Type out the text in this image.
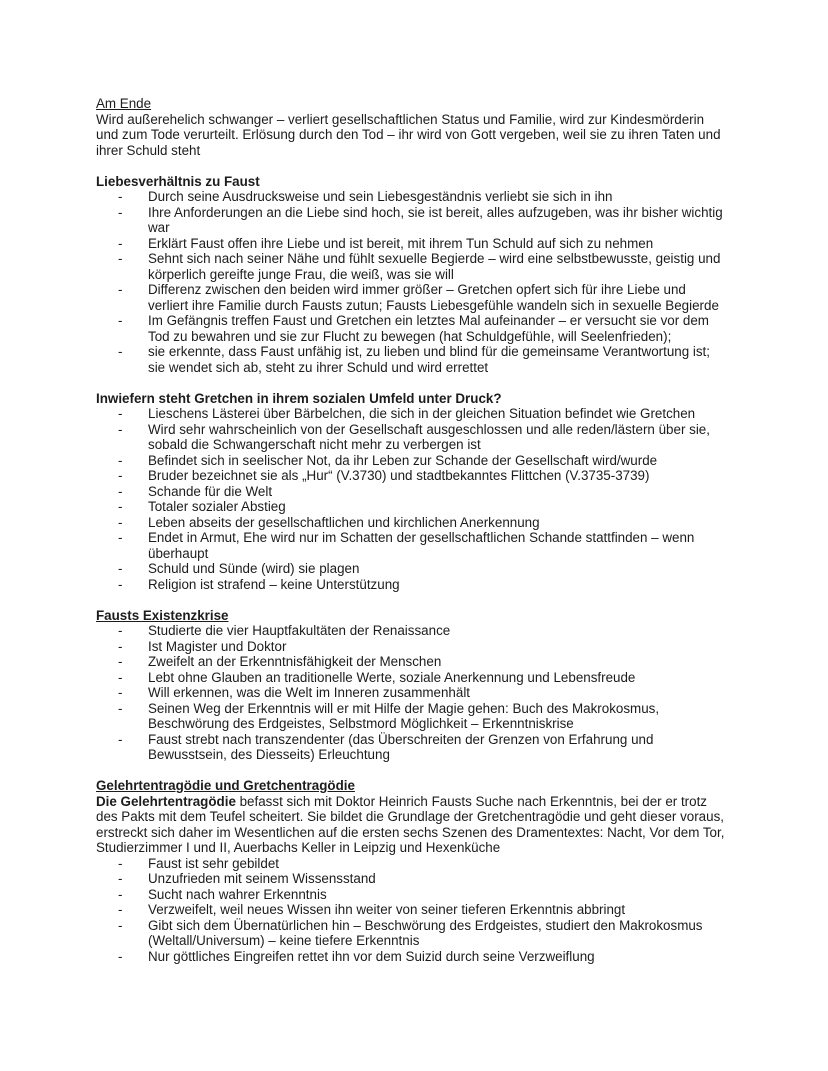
Am Ende

Wird außerehelich schwanger – verliert gesellschaftlichen Status und Familie, wird zur Kindesmörderin und zum Tode verurteilt. Erlösung durch den Tod – ihr wird von Gott vergeben, weil sie zu ihren Taten und ihrer Schuld steht

Liebesverhältnis zu Faust
- Durch seine Ausdrucksweise und sein Liebesgeständnis verliebt sie sich in ihn
- Ihre Anforderungen an die Liebe sind hoch, sie ist bereit, alles aufzugeben, was ihr bisher wichtig war
- Erklärt Faust offen ihre Liebe und ist bereit, mit ihrem Tun Schuld auf sich zu nehmen
- Sehnt sich nach seiner Nähe und fühlt sexuelle Begierde – wird eine selbstbewusste, geistig und körperlich gereifte junge Frau, die weiß, was sie will
- Differenz zwischen den beiden wird immer größer – Gretchen opfert sich für ihre Liebe und verliert ihre Familie durch Fausts zutun; Fausts Liebesgefühle wandeln sich in sexuelle Begierde
- Im Gefängnis treffen Faust und Gretchen ein letztes Mal aufeinander – er versucht sie vor dem Tod zu bewahren und sie zur Flucht zu bewegen (hat Schuldgefühle, will Seelenfrieden);
- sie erkennte, dass Faust unfähig ist, zu lieben und blind für die gemeinsame Verantwortung ist; sie wendet sich ab, steht zu ihrer Schuld und wird errettet
Inwiefern steht Gretchen in ihrem sozialen Umfeld unter Druck?
- Lieschens Lästerei über Bärbelchen, die sich in der gleichen Situation befindet wie Gretchen
- Wird sehr wahrscheinlich von der Gesellschaft ausgeschlossen und alle reden/lästern über sie, sobald die Schwangerschaft nicht mehr zu verbergen ist
- Befindet sich in seelischer Not, da ihr Leben zur Schande der Gesellschaft wird/wurde
- Bruder bezeichnet sie als „Hur“ (V.3730) und stadtbekanntes Flittchen (V.3735-3739)
- Schande für die Welt
- Totaler sozialer Abstieg
- Leben abseits der gesellschaftlichen und kirchlichen Anerkennung
- Endet in Armut, Ehe wird nur im Schatten der gesellschaftlichen Schande stattfinden – wenn überhaupt
- Schuld und Sünde (wird) sie plagen
- Religion ist strafend – keine Unterstützung
Fausts Existenzkrise
- Studierte die vier Hauptfakultäten der Renaissance
- Ist Magister und Doktor
- Zweifelt an der Erkenntnisfähigkeit der Menschen
- Lebt ohne Glauben an traditionelle Werte, soziale Anerkennung und Lebensfreude
- Will erkennen, was die Welt im Inneren zusammenhält
- Seinen Weg der Erkenntnis will er mit Hilfe der Magie gehen: Buch des Makrokosmus, Beschwörung des Erdgeistes, Selbstmord Möglichkeit – Erkenntniskrise
- Faust strebt nach transzendenter (das Überschreiten der Grenzen von Erfahrung und Bewusstsein, des Diesseits) Erleuchtung
Gelehrtentragödie und Gretchentragödie

Die Gelehrtentragödie befasst sich mit Doktor Heinrich Fausts Suche nach Erkenntnis, bei der er trotz des Pakts mit dem Teufel scheitert. Sie bildet die Grundlage der Gretchentragödie und geht dieser voraus, erstreckt sich daher im Wesentlichen auf die ersten sechs Szenen des Dramentextes: Nacht, Vor dem Tor, Studierzimmer I und II, Auerbachs Keller in Leipzig und Hexenküche

- Faust ist sehr gebildet
- Unzufrieden mit seinem Wissensstand
- Sucht nach wahrer Erkenntnis
- Verzweifelt, weil neues Wissen ihn weiter von seiner tieferen Erkenntnis abbringt
- Gibt sich dem Übernatürlichen hin – Beschwörung des Erdgeistes, studiert den Makrokosmus (Weltall/Universum) – keine tiefere Erkenntnis
- Nur göttliches Eingreifen rettet ihn vor dem Suizid durch seine Verzweiflung
